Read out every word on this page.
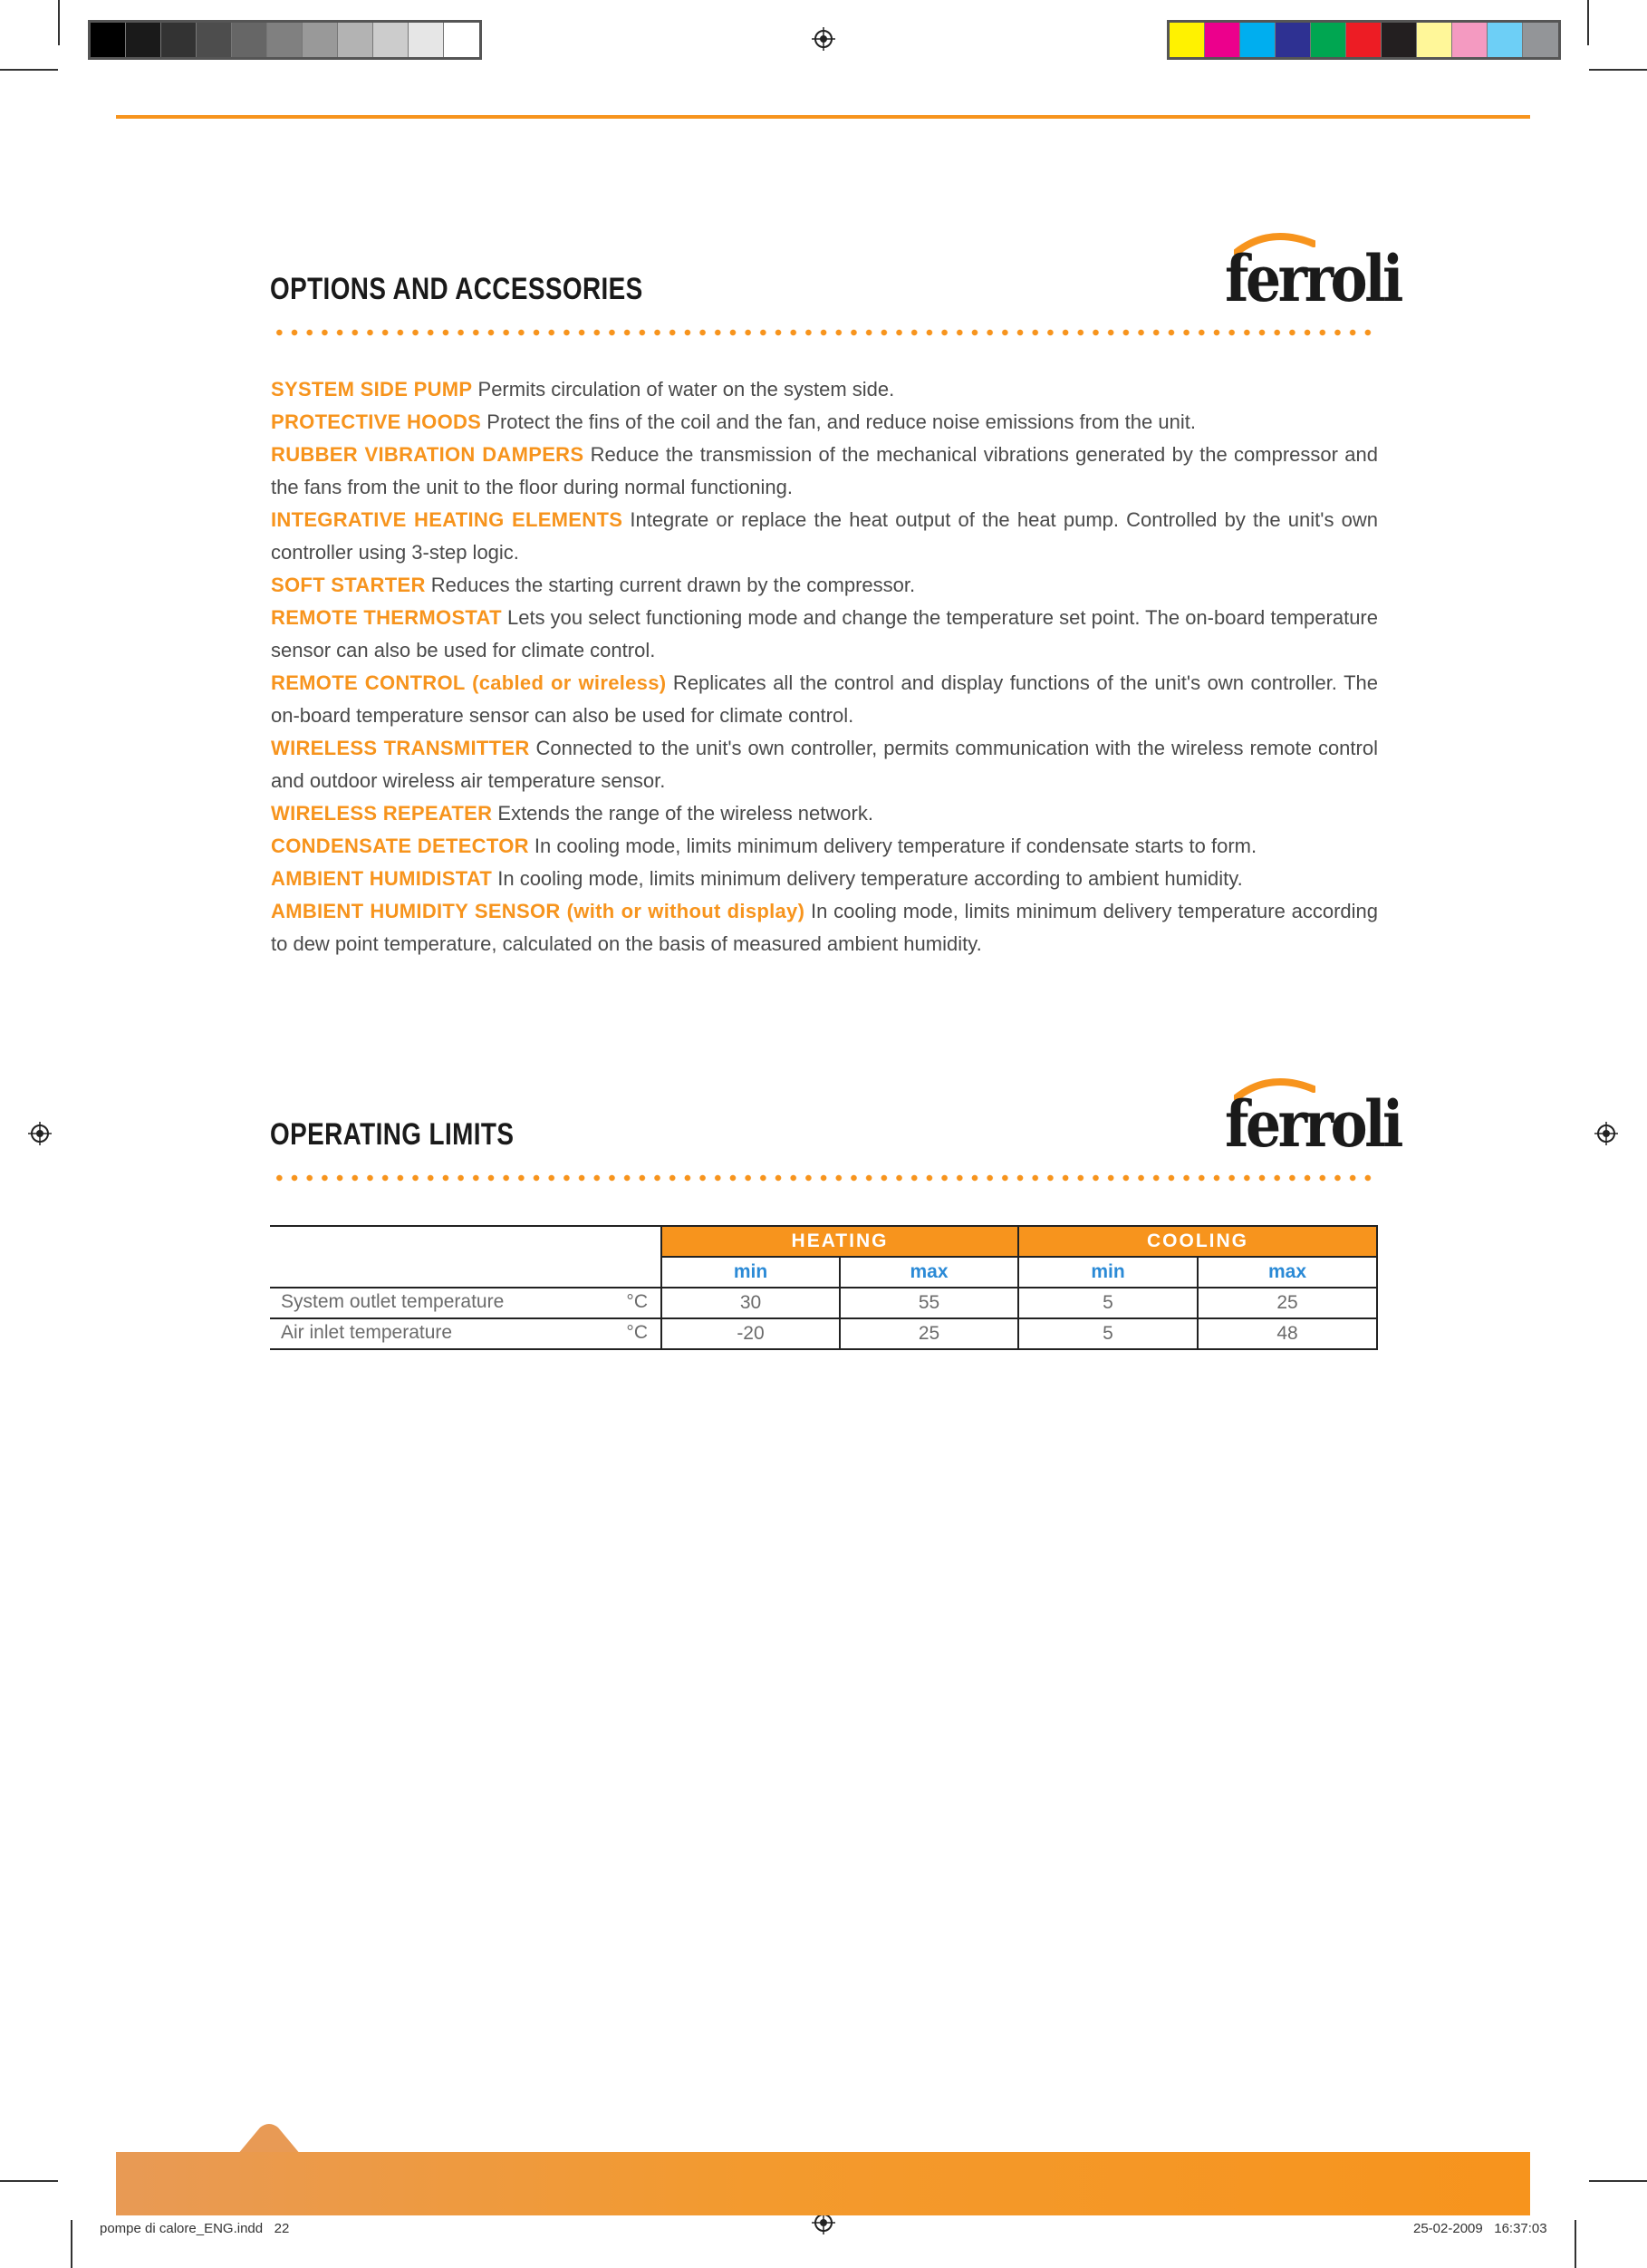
OPTIONS AND ACCESSORIES	ferroli
SYSTEM SIDE PUMP Permits circulation of water on the system side.
PROTECTIVE HOODS Protect the fins of the coil and the fan, and reduce noise emissions from the unit.
RUBBER VIBRATION DAMPERS Reduce the transmission of the mechanical vibrations generated by the compressor and the fans from the unit to the floor during normal functioning.
INTEGRATIVE HEATING ELEMENTS Integrate or replace the heat output of the heat pump. Controlled by the unit's own controller using 3-step logic.
SOFT STARTER Reduces the starting current drawn by the compressor.
REMOTE THERMOSTAT Lets you select functioning mode and change the temperature set point. The on-board temperature sensor can also be used for climate control.
REMOTE CONTROL (cabled or wireless) Replicates all the control and display functions of the unit's own controller. The on-board temperature sensor can also be used for climate control.
WIRELESS TRANSMITTER Connected to the unit's own controller, permits communication with the wireless remote control and outdoor wireless air temperature sensor.
WIRELESS REPEATER Extends the range of the wireless network.
CONDENSATE DETECTOR In cooling mode, limits minimum delivery temperature if condensate starts to form.
AMBIENT HUMIDISTAT In cooling mode, limits minimum delivery temperature according to ambient humidity.
AMBIENT HUMIDITY SENSOR (with or without display) In cooling mode, limits minimum delivery temperature according to dew point temperature, calculated on the basis of measured ambient humidity.
OPERATING LIMITS	ferroli
	HEATING		COOLING	
	min	max	min	max

System outlet temperature °C	30	55	5	25

Air inlet temperature °C	-20	25	5	48
pompe di calore_ENG.indd   22	25-02-2009   16:37:03
